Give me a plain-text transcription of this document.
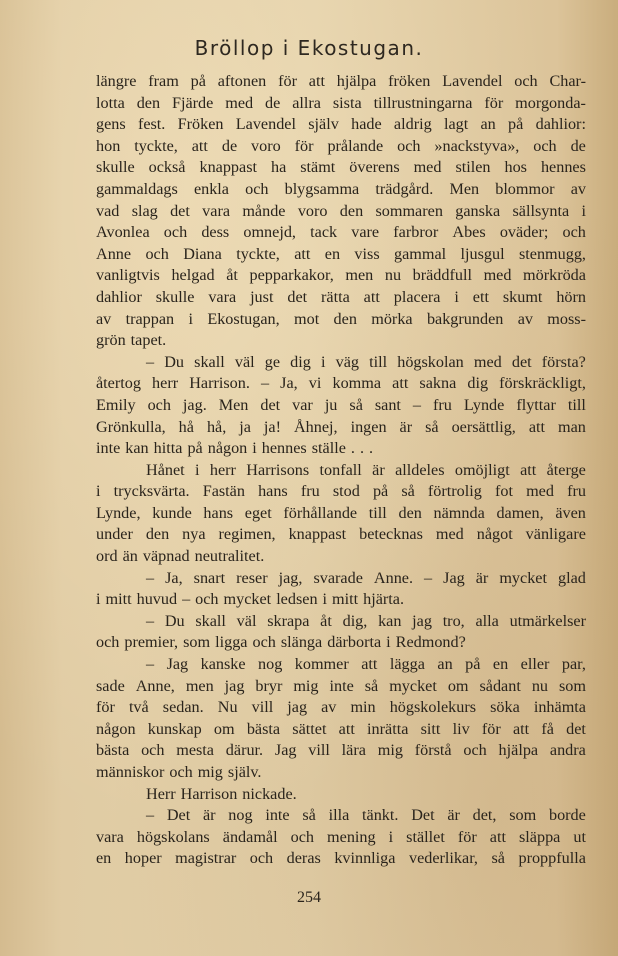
Bröllop i Ekostugan.
längre fram på aftonen för att hjälpa fröken Lavendel och Char-
lotta den Fjärde med de allra sista tillrustningarna för morgonda-
gens fest. Fröken Lavendel själv hade aldrig lagt an på dahlior:
hon tyckte, att de voro för prålande och »nackstyva», och de
skulle också knappast ha stämt överens med stilen hos hennes
gammaldags enkla och blygsamma trädgård. Men blommor av
vad slag det vara månde voro den sommaren ganska sällsynta i
Avonlea och dess omnejd, tack vare farbror Abes oväder; och
Anne och Diana tyckte, att en viss gammal ljusgul stenmugg,
vanligtvis helgad åt pepparkakor, men nu bräddfull med mörkröda
dahlior skulle vara just det rätta att placera i ett skumt hörn
av trappan i Ekostugan, mot den mörka bakgrunden av moss-
grön tapet.
– Du skall väl ge dig i väg till högskolan med det första?
återtog herr Harrison. – Ja, vi komma att sakna dig förskräckligt,
Emily och jag. Men det var ju så sant – fru Lynde flyttar till
Grönkulla, hå hå, ja ja! Åhnej, ingen är så oersättlig, att man
inte kan hitta på någon i hennes ställe . . .
Hånet i herr Harrisons tonfall är alldeles omöjligt att återge
i trycksvärta. Fastän hans fru stod på så förtrolig fot med fru
Lynde, kunde hans eget förhållande till den nämnda damen, även
under den nya regimen, knappast betecknas med något vänligare
ord än väpnad neutralitet.
– Ja, snart reser jag, svarade Anne. – Jag är mycket glad
i mitt huvud – och mycket ledsen i mitt hjärta.
– Du skall väl skrapa åt dig, kan jag tro, alla utmärkelser
och premier, som ligga och slänga därborta i Redmond?
– Jag kanske nog kommer att lägga an på en eller par,
sade Anne, men jag bryr mig inte så mycket om sådant nu som
för två sedan. Nu vill jag av min högskolekurs söka inhämta
någon kunskap om bästa sättet att inrätta sitt liv för att få det
bästa och mesta därur. Jag vill lära mig förstå och hjälpa andra
människor och mig själv.
Herr Harrison nickade.
– Det är nog inte så illa tänkt. Det är det, som borde
vara högskolans ändamål och mening i stället för att släppa ut
en hoper magistrar och deras kvinnliga vederlikar, så proppfulla
254
